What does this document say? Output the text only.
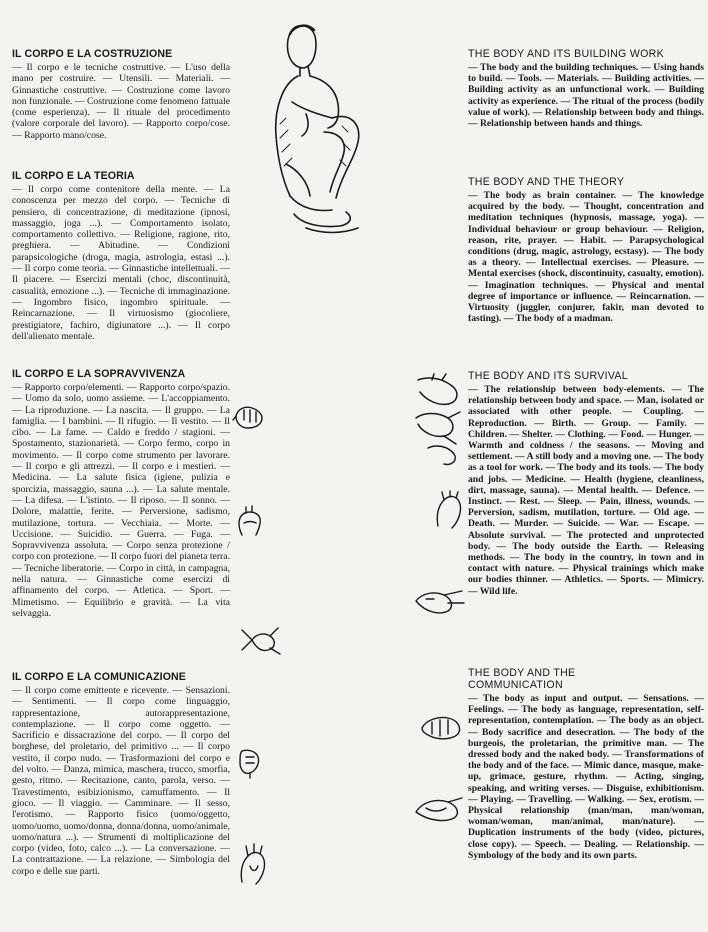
IL CORPO E LA COSTRUZIONE

— Il corpo e le tecniche costruttive. — L'uso della mano per costruire. — Utensili. — Materiali. — Ginnastiche costruttive. — Costruzione come lavoro non funzionale. — Costruzione come fenomeno fattuale (come esperienza). — Il rituale del procedimento (valore corporale del lavoro). — Rapporto corpo/cose. — Rapporto mano/cose.

IL CORPO E LA TEORIA

— Il corpo come contenitore della mente. — La conoscenza per mezzo del corpo. — Tecniche di pensiero, di concentrazione, di meditazione (ipnosi, massaggio, joga ...). — Comportamento isolato, comportamento collettivo. — Religione, ragione, rito, preghiera. — Abitudine. — Condizioni parapsicologiche (droga, magia, astrologia, estasi ...). — Il corpo come teoria. — Ginnastiche intellettuali. — Il piacere. — Esercizi mentali (choc, discontinuità, casualità, emozione ...). — Tecniche di immaginazione. — Ingombro fisico, ingombro spirituale. — Reincarnazione. — Il virtuosismo (giocoliere, prestigiatore, fachiro, digiunatore ...). — Il corpo dell'alienato mentale.

IL CORPO E LA SOPRAVVIVENZA

— Rapporto corpo/elementi. — Rapporto corpo/spazio. — Uomo da solo, uomo assieme. — L'accoppiamento. — La riproduzione. — La nascita. — Il gruppo. — La famiglia. — I bambini. — Il rifugio. — Il vestito. — Il cibo. — La fame. — Caldo e freddo / stagioni. — Spostamento, stazionarietà. — Corpo fermo, corpo in movimento. — Il corpo come strumento per lavorare. — Il corpo e gli attrezzi. — Il corpo e i mestieri. — Medicina. — La salute fisica (igiene, pulizia e sporcizia, massaggio, sauna ...). — La salute mentale. — La difesa. — L'istinto. — Il riposo. — Il sonno. — Dolore, malattie, ferite. — Perversione, sadismo, mutilazione, tortura. — Vecchiaia. — Morte. — Uccisione. — Suicidio. — Guerra. — Fuga. — Sopravvivenza assoluta. — Corpo senza protezione / corpo con protezione. — Il corpo fuori del pianeta terra. — Tecniche liberatorie. — Corpo in città, in campagna, nella natura. — Ginnastiche come esercizi di affinamento del corpo. — Atletica. — Sport. — Mimetismo. — Equilibrio e gravità. — La vita selvaggia.

IL CORPO E LA COMUNICAZIONE

— Il corpo come emittente e ricevente. — Sensazioni. — Sentimenti. — Il corpo come linguaggio, rappresentazione, autorappresentazione, contemplazione. — Il corpo come oggetto. — Sacrificio e dissacrazione del corpo. — Il corpo del borghese, del proletario, del primitivo ... — Il corpo vestito, il corpo nudo. — Trasformazioni del corpo e del volto. — Danza, mimica, maschera, trucco, smorfia, gesto, ritmo. — Recitazione, canto, parola, verso. — Travestimento, esibizionismo, camuffamento. — Il gioco. — Il viaggio. — Camminare. — Il sesso, l'erotismo. — Rapporto fisico (uomo/oggetto, uomo/uomo, uomo/donna, donna/donna, uomo/animale, uomo/natura ...). — Strumenti di moltiplicazione del corpo (video, foto, calco ...). — La conversazione. — La contrattazione. — La relazione. — Simbologia del corpo e delle sue parti.

THE BODY AND ITS BUILDING WORK

— The body and the building techniques. — Using hands to build. — Tools. — Materials. — Building activities. — Building activity as an unfunctional work. — Building activity as experience. — The ritual of the process (bodily value of work). — Relationship between body and things. — Relationship between hands and things.

THE BODY AND THE THEORY

— The body as brain container. — The knowledge acquired by the body. — Thought, concentration and meditation techniques (hypnosis, massage, yoga). — Individual behaviour or group behaviour. — Religion, reason, rite, prayer. — Habit. — Parapsychological conditions (drug, magic, astrology, ecstasy). — The body as a theory. — Intellectual exercises. — Pleasure. — Mental exercises (shock, discontinuity, casualty, emotion). — Imagination techniques. — Physical and mental degree of importance or influence. — Reincarnation. — Virtuosity (juggler, conjurer, fakir, man devoted to fasting). — The body of a madman.

THE BODY AND ITS SURVIVAL

— The relationship between body-elements. — The relationship between body and space. — Man, isolated or associated with other people. — Coupling. — Reproduction. — Birth. — Group. — Family. — Children. — Shelter. — Clothing. — Food. — Hunger. — Warmth and coldness / the seasons. — Moving and settlement. — A still body and a moving one. — The body as a tool for work. — The body and its tools. — The body and jobs. — Medicine. — Health (hygiene, cleanliness, dirt, massage, sauna). — Mental health. — Defence. — Instinct. — Rest. — Sleep. — Pain, illness, wounds. — Perversion, sadism, mutilation, torture. — Old age. — Death. — Murder. — Suicide. — War. — Escape. — Absolute survival. — The protected and unprotected body. — The body outside the Earth. — Releasing methods. — The body in the country, in town and in contact with nature. — Physical trainings which make our bodies thinner. — Athletics. — Sports. — Mimicry. — Wild life.

THE BODY AND THE COMMUNICATION

— The body as input and output. — Sensations. — Feelings. — The body as language, representation, self-representation, contemplation. — The body as an object. — Body sacrifice and desecration. — The body of the burgeois, the proletarian, the primitive man. — The dressed body and the naked body. — Transformations of the body and of the face. — Mimic dance, masque, make-up, grimace, gesture, rhythm. — Acting, singing, speaking, and writing verses. — Disguise, exhibitionism. — Playing. — Travelling. — Walking. — Sex, erotism. — Physical relationship (man/man, man/woman, woman/woman, man/animal, man/nature). — Duplication instruments of the body (video, pictures, close copy). — Speech. — Dealing. — Relationship. — Symbology of the body and its own parts.
